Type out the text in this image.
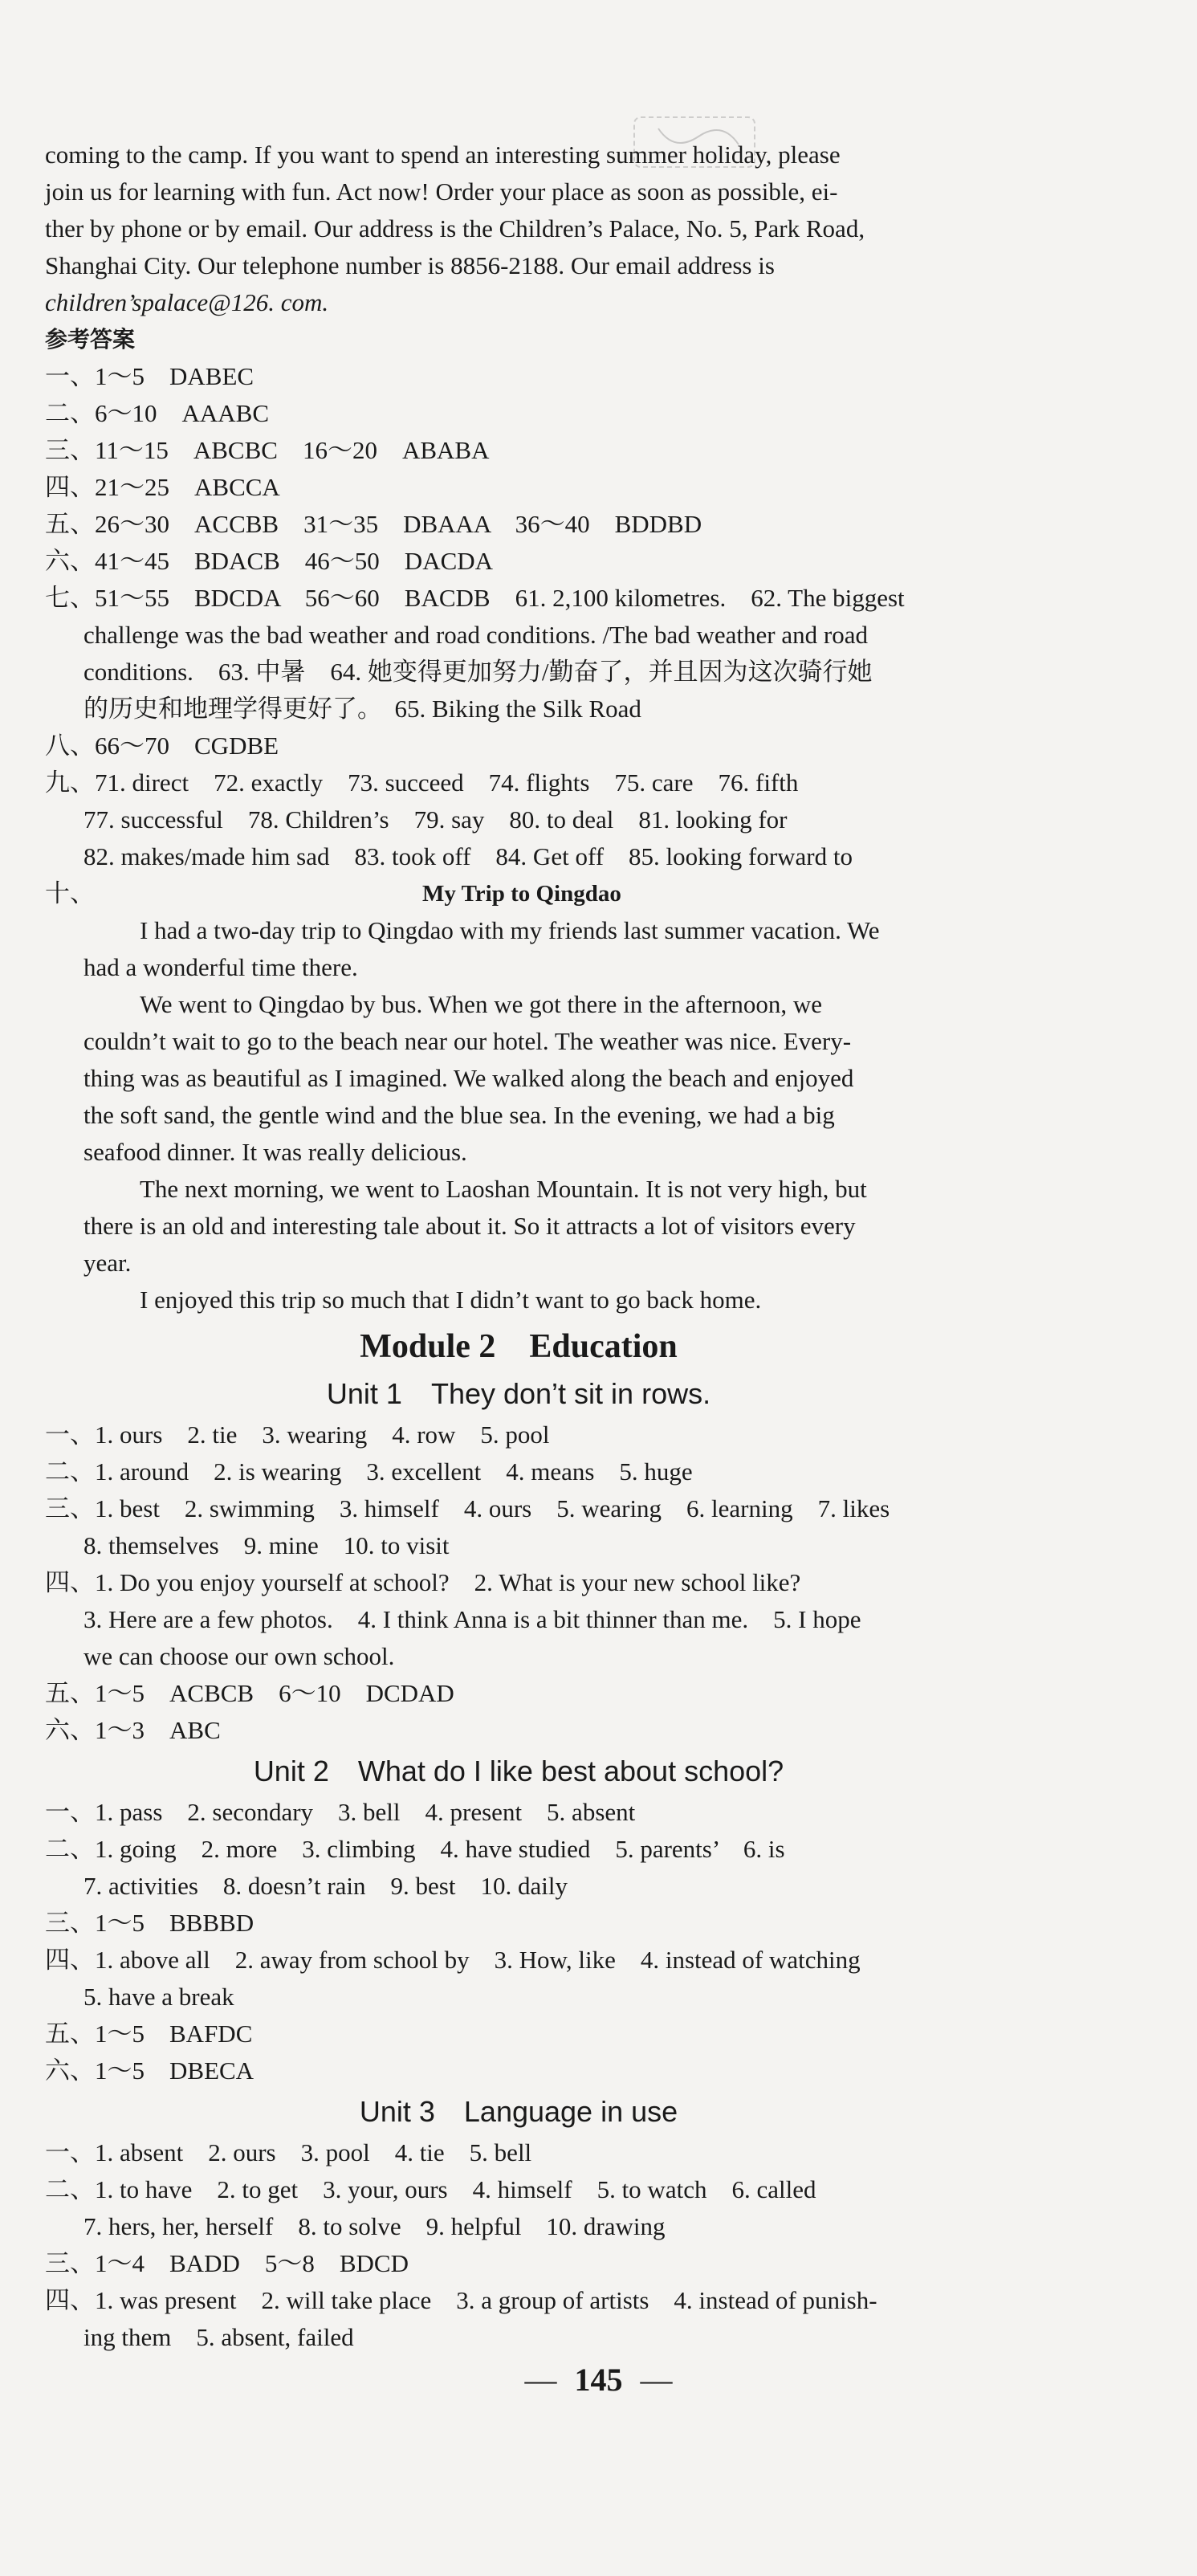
coming to the camp. If you want to spend an interesting summer holiday, please
join us for learning with fun. Act now! Order your place as soon as possible, ei-
ther by phone or by email. Our address is the Children’s Palace, No. 5, Park Road,
Shanghai City. Our telephone number is 8856-2188. Our email address is
children’spalace@126. com.
参考答案
一、1～5　DABEC
二、6～10　AAABC
三、11～15　ABCBC　16～20　ABABA
四、21～25　ABCCA
五、26～30　ACCBB　31～35　DBAAA　36～40　BDDBD
六、41～45　BDACB　46～50　DACDA
七、51～55　BDCDA　56～60　BACDB　61. 2,100 kilometres.　62. The biggest
challenge was the bad weather and road conditions. /The bad weather and road
conditions.　63. 中暑　64. 她变得更加努力/勤奋了，并且因为这次骑行她
的历史和地理学得更好了。　65. Biking the Silk Road
八、66～70　CGDBE
九、71. direct　72. exactly　73. succeed　74. flights　75. care　76. fifth
77. successful　78. Children’s　79. say　80. to deal　81. looking for
82. makes/made him sad　83. took off　84. Get off　85. looking forward to
十、	My Trip to Qingdao
I had a two-day trip to Qingdao with my friends last summer vacation. We
had a wonderful time there.
We went to Qingdao by bus. When we got there in the afternoon, we
couldn’t wait to go to the beach near our hotel. The weather was nice. Every-
thing was as beautiful as I imagined. We walked along the beach and enjoyed
the soft sand, the gentle wind and the blue sea. In the evening, we had a big
seafood dinner. It was really delicious.
The next morning, we went to Laoshan Mountain. It is not very high, but
there is an old and interesting tale about it. So it attracts a lot of visitors every
year.
I enjoyed this trip so much that I didn’t want to go back home.
Module 2　Education
Unit 1　They don’t sit in rows.
一、1. ours　2. tie　3. wearing　4. row　5. pool
二、1. around　2. is wearing　3. excellent　4. means　5. huge
三、1. best　2. swimming　3. himself　4. ours　5. wearing　6. learning　7. likes
8. themselves　9. mine　10. to visit
四、1. Do you enjoy yourself at school?　2. What is your new school like?
3. Here are a few photos.　4. I think Anna is a bit thinner than me.　5. I hope
we can choose our own school.
五、1～5　ACBCB　6～10　DCDAD
六、1～3　ABC
Unit 2　What do I like best about school?
一、1. pass　2. secondary　3. bell　4. present　5. absent
二、1. going　2. more　3. climbing　4. have studied　5. parents’　6. is
7. activities　8. doesn’t rain　9. best　10. daily
三、1～5　BBBBD
四、1. above all　2. away from school by　3. How, like　4. instead of watching
5. have a break
五、1～5　BAFDC
六、1～5　DBECA
Unit 3　Language in use
一、1. absent　2. ours　3. pool　4. tie　5. bell
二、1. to have　2. to get　3. your, ours　4. himself　5. to watch　6. called
7. hers, her, herself　8. to solve　9. helpful　10. drawing
三、1～4　BADD　5～8　BDCD
四、1. was present　2. will take place　3. a group of artists　4. instead of punish-
ing them　5. absent, failed
— 145 —
